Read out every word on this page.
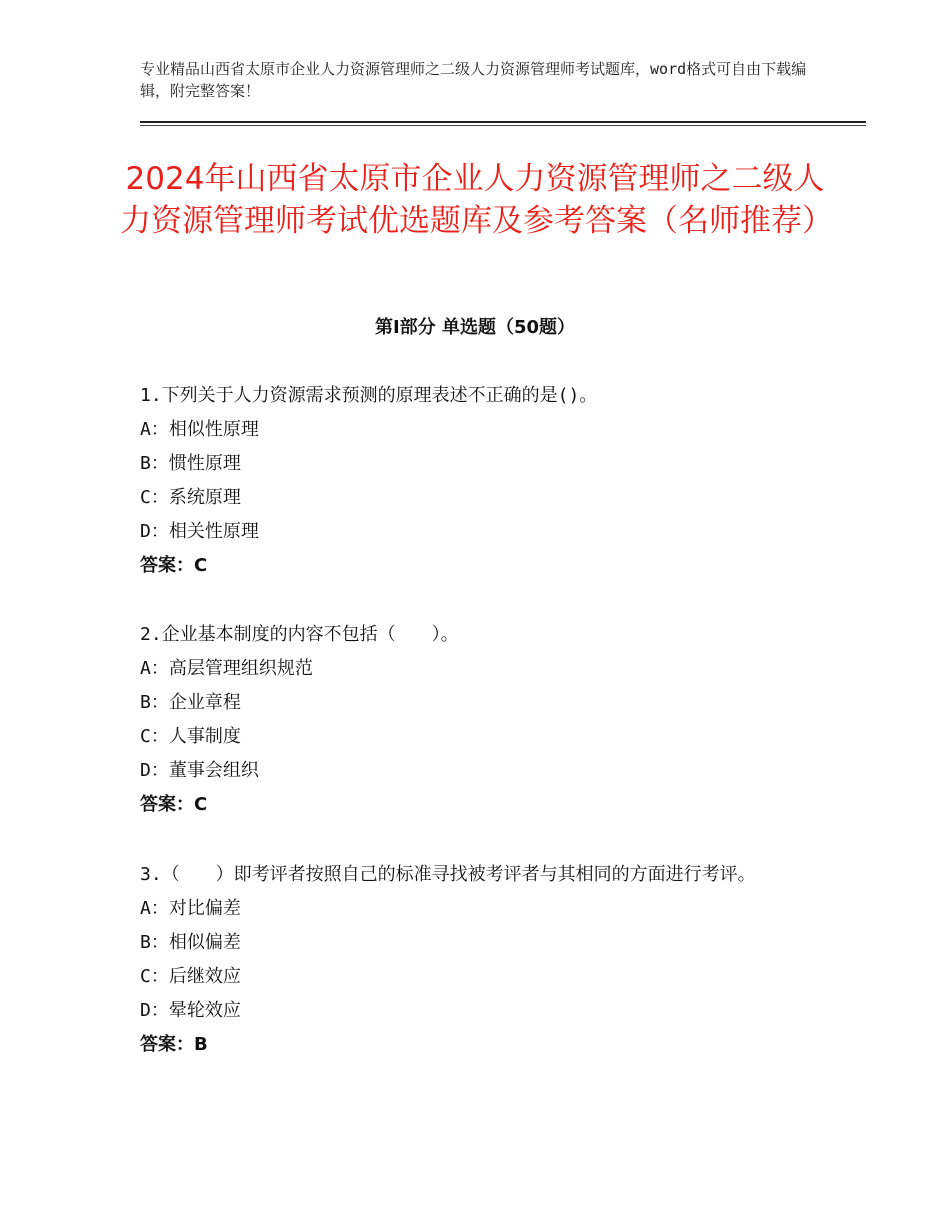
专业精品山西省太原市企业人力资源管理师之二级人力资源管理师考试题库，word格式可自由下载编辑，附完整答案！
2024年山西省太原市企业人力资源管理师之二级人力资源管理师考试优选题库及参考答案（名师推荐）
第Ⅰ部分 单选题（50题）
1.下列关于人力资源需求预测的原理表述不正确的是()。
A：相似性原理
B：惯性原理
C：系统原理
D：相关性原理
答案：C
2.企业基本制度的内容不包括（　　）。
A：高层管理组织规范
B：企业章程
C：人事制度
D：董事会组织
答案：C
3.（　　）即考评者按照自己的标准寻找被考评者与其相同的方面进行考评。
A：对比偏差
B：相似偏差
C：后继效应
D：晕轮效应
答案：B
